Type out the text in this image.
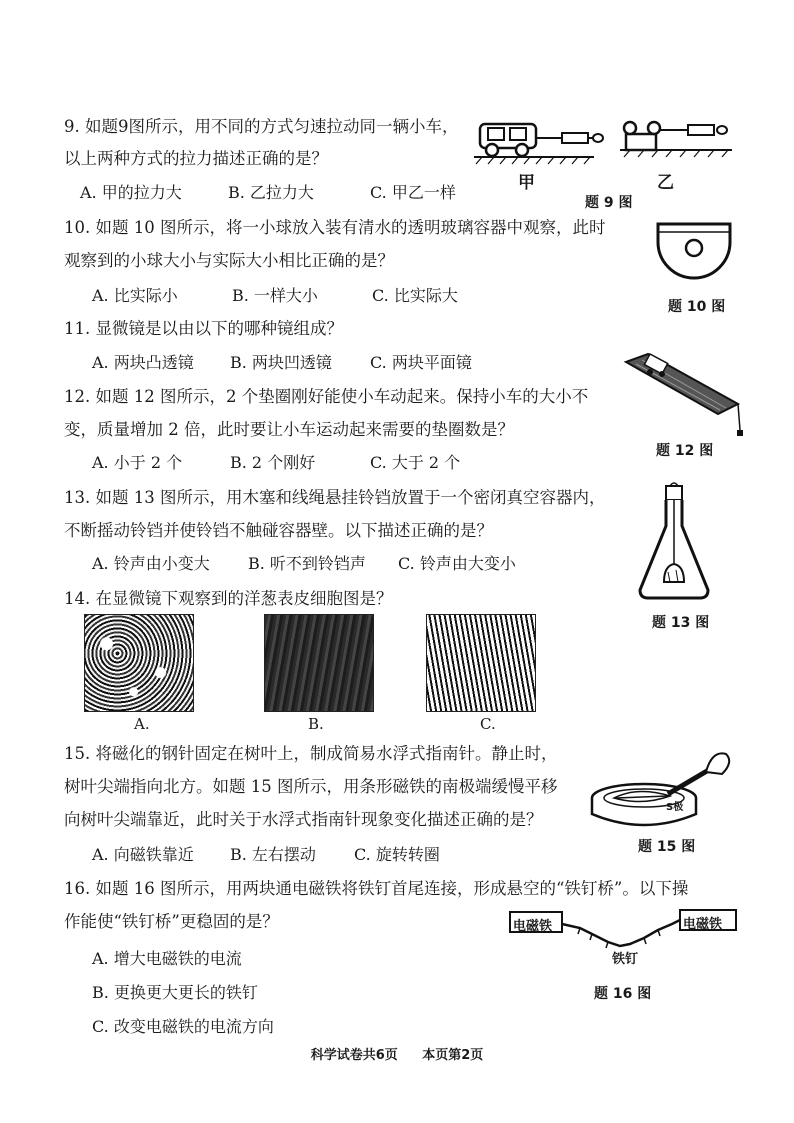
9. 如题9图所示，用不同的方式匀速拉动同一辆小车，
以上两种方式的拉力描述正确的是？
A. 甲的拉力大	B. 乙拉力大	C. 甲乙一样	甲
题 9 图
乙
10. 如题 10 图所示，将一小球放入装有清水的透明玻璃容器中观察，此时
观察到的小球大小与实际大小相比正确的是？
A. 比实际小	B. 一样大小	C. 比实际大
题 10 图
11. 显微镜是以由以下的哪种镜组成？
A. 两块凸透镜 B. 两块凹透镜 C. 两块平面镜
12. 如题 12 图所示，2 个垫圈刚好能使小车动起来。保持小车的大小不
变，质量增加 2 倍，此时要让小车运动起来需要的垫圈数是？
A. 小于 2 个	B. 2 个刚好	C. 大于 2 个
题 12 图
13. 如题 13 图所示，用木塞和线绳悬挂铃铛放置于一个密闭真空容器内，
不断摇动铃铛并使铃铛不触碰容器壁。以下描述正确的是？
A. 铃声由小变大 B. 听不到铃铛声 C. 铃声由大变小
题 13 图
14. 在显微镜下观察到的洋葱表皮细胞图是？
A.	B.	C.
15. 将磁化的钢针固定在树叶上，制成简易水浮式指南针。静止时，
树叶尖端指向北方。如题 15 图所示，用条形磁铁的南极端缓慢平移
向树叶尖端靠近，此时关于水浮式指南针现象变化描述正确的是？
A. 向磁铁靠近 B. 左右摆动 C. 旋转转圈
S极
题 15 图
16. 如题 16 图所示，用两块通电磁铁将铁钉首尾连接，形成悬空的“铁钉桥”。以下操
作能使“铁钉桥”更稳固的是？
A. 增大电磁铁的电流
B. 更换更大更长的铁钉
C. 改变电磁铁的电流方向
电磁铁	电磁铁
铁钉
题 16 图
科学试卷共6页 本页第2页
